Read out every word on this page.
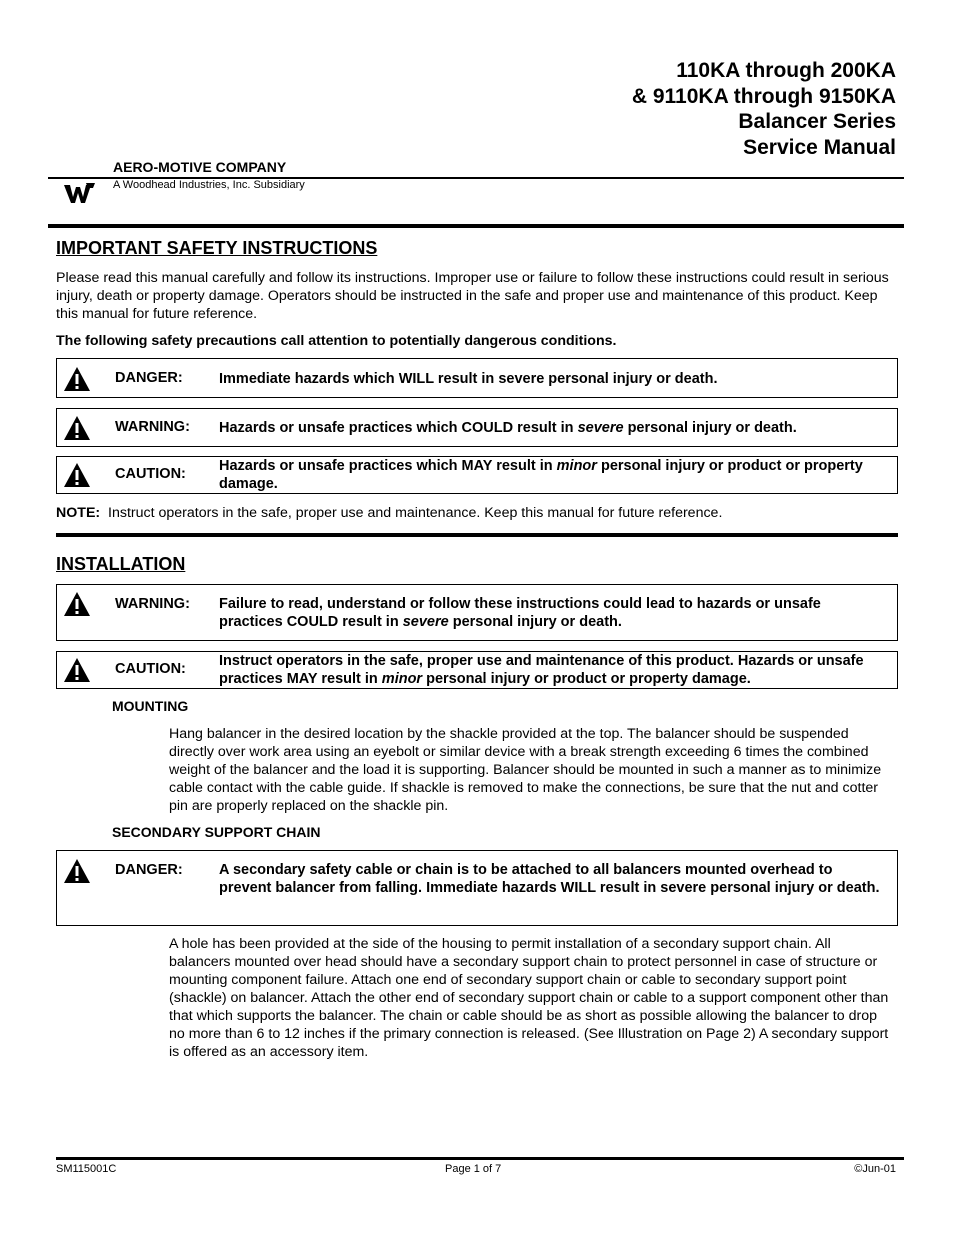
110KA through 200KA
& 9110KA through 9150KA
Balancer Series
Service Manual
AERO-MOTIVE COMPANY
A Woodhead Industries, Inc. Subsidiary
IMPORTANT SAFETY INSTRUCTIONS
Please read this manual carefully and follow its instructions. Improper use or failure to follow these instructions could result in serious injury, death or property damage. Operators should be instructed in the safe and proper use and maintenance of this product. Keep this manual for future reference.
The following safety precautions call attention to potentially dangerous conditions.
DANGER:	Immediate hazards which WILL result in severe personal injury or death.
WARNING: Hazards or unsafe practices which COULD result in severe personal injury or death.
CAUTION: Hazards or unsafe practices which MAY result in minor personal injury or product or property damage.
NOTE: Instruct operators in the safe, proper use and maintenance. Keep this manual for future reference.
INSTALLATION
WARNING: Failure to read, understand or follow these instructions could lead to hazards or unsafe practices COULD result in severe personal injury or death.
CAUTION: Instruct operators in the safe, proper use and maintenance of this product. Hazards or unsafe practices MAY result in minor personal injury or product or property damage.
MOUNTING
Hang balancer in the desired location by the shackle provided at the top. The balancer should be suspended directly over work area using an eyebolt or similar device with a break strength exceeding 6 times the combined weight of the balancer and the load it is supporting. Balancer should be mounted in such a manner as to minimize cable contact with the cable guide. If shackle is removed to make the connections, be sure that the nut and cotter pin are properly replaced on the shackle pin.
SECONDARY SUPPORT CHAIN
DANGER:	A secondary safety cable or chain is to be attached to all balancers mounted overhead to prevent balancer from falling. Immediate hazards WILL result in severe personal injury or death.
A hole has been provided at the side of the housing to permit installation of a secondary support chain. All balancers mounted over head should have a secondary support chain to protect personnel in case of structure or mounting component failure. Attach one end of secondary support chain or cable to secondary support point (shackle) on balancer. Attach the other end of secondary support chain or cable to a support component other than that which supports the balancer. The chain or cable should be as short as possible allowing the balancer to drop no more than 6 to 12 inches if the primary connection is released. (See Illustration on Page 2) A secondary support is offered as an accessory item.
SM115001C	Page 1 of 7	©Jun-01
